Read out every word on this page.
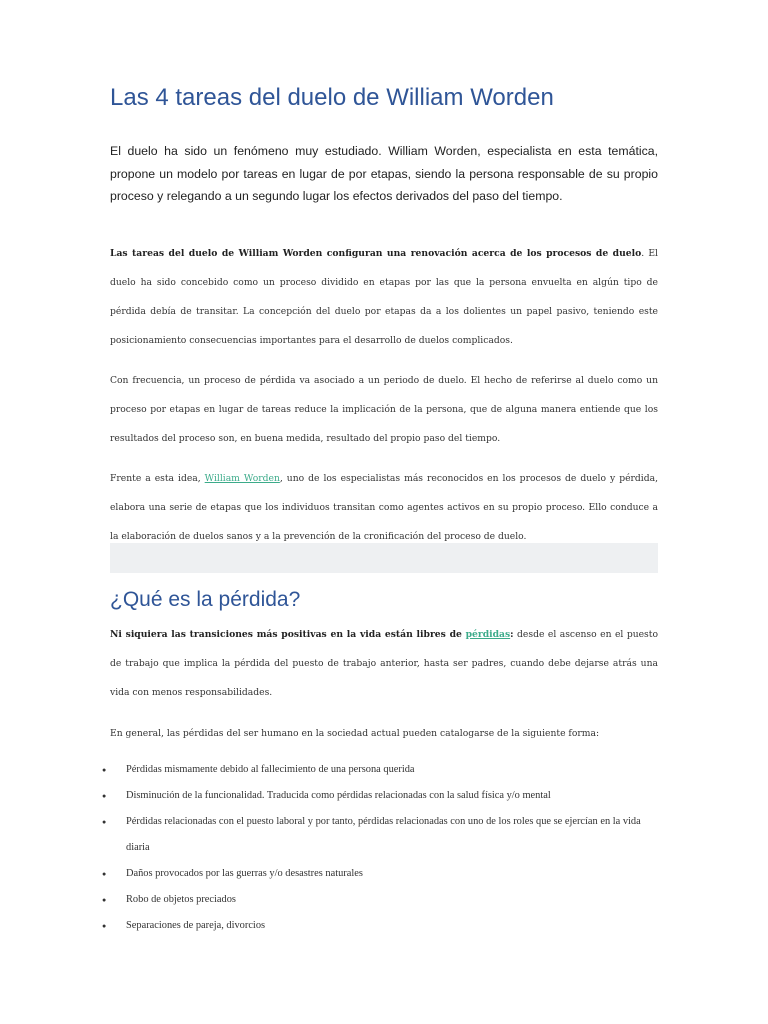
Las 4 tareas del duelo de William Worden

El duelo ha sido un fenómeno muy estudiado. William Worden, especialista en esta temática, propone un modelo por tareas en lugar de por etapas, siendo la persona responsable de su propio proceso y relegando a un segundo lugar los efectos derivados del paso del tiempo.

Las tareas del duelo de William Worden configuran una renovación acerca de los procesos de duelo. El duelo ha sido concebido como un proceso dividido en etapas por las que la persona envuelta en algún tipo de pérdida debía de transitar. La concepción del duelo por etapas da a los dolientes un papel pasivo, teniendo este posicionamiento consecuencias importantes para el desarrollo de duelos complicados.

Con frecuencia, un proceso de pérdida va asociado a un periodo de duelo. El hecho de referirse al duelo como un proceso por etapas en lugar de tareas reduce la implicación de la persona, que de alguna manera entiende que los resultados del proceso son, en buena medida, resultado del propio paso del tiempo.

Frente a esta idea, William Worden, uno de los especialistas más reconocidos en los procesos de duelo y pérdida, elabora una serie de etapas que los individuos transitan como agentes activos en su propio proceso. Ello conduce a la elaboración de duelos sanos y a la prevención de la cronificación del proceso de duelo.

¿Qué es la pérdida?

Ni siquiera las transiciones más positivas en la vida están libres de pérdidas: desde el ascenso en el puesto de trabajo que implica la pérdida del puesto de trabajo anterior, hasta ser padres, cuando debe dejarse atrás una vida con menos responsabilidades.

En general, las pérdidas del ser humano en la sociedad actual pueden catalogarse de la siguiente forma:

● Pérdidas mismamente debido al fallecimiento de una persona querida
● Disminución de la funcionalidad. Traducida como pérdidas relacionadas con la salud física y/o mental
● Pérdidas relacionadas con el puesto laboral y por tanto, pérdidas relacionadas con uno de los roles que se ejercían en la vida diaria
● Daños provocados por las guerras y/o desastres naturales
● Robo de objetos preciados
● Separaciones de pareja, divorcios
